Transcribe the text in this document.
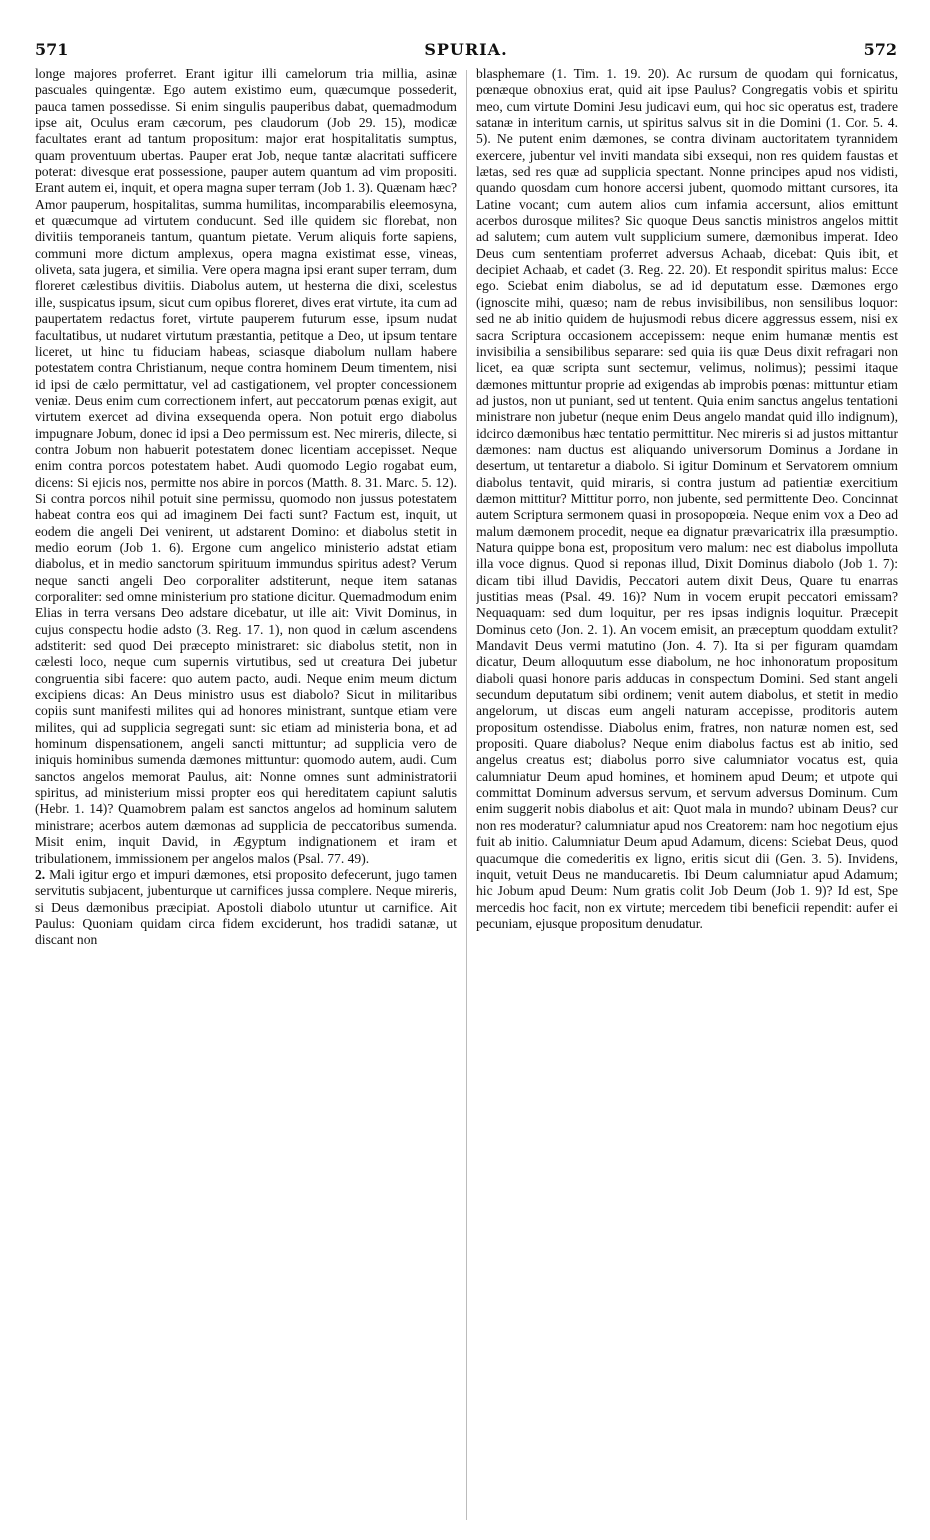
571	SPURIA.	572

longe majores proferret. Erant igitur illi camelorum tria millia, asinæ pascuales quingentæ. Ego autem existimo eum, quæcumque possederit, pauca tamen possedisse. Si enim singulis pauperibus dabat, quemadmodum ipse ait, Oculus eram cæcorum, pes claudorum (Job 29. 15), modicæ facultates erant ad tantum propositum: major erat hospitalitatis sumptus, quam proventuum ubertas. Pauper erat Job, neque tantæ alacritati sufficere poterat: divesque erat possessione, pauper autem quantum ad vim propositi. Erant autem ei, inquit, et opera magna super terram (Job 1. 3). Quænam hæc? Amor pauperum, hospitalitas, summa humilitas, incomparabilis eleemosyna, et quæcumque ad virtutem conducunt. Sed ille quidem sic florebat, non divitiis temporaneis tantum, quantum pietate. Verum aliquis forte sapiens, communi more dictum amplexus, opera magna existimat esse, vineas, oliveta, sata jugera, et similia. Vere opera magna ipsi erant super terram, dum floreret cælestibus divitiis. Diabolus autem, ut hesterna die dixi, scelestus ille, suspicatus ipsum, sicut cum opibus floreret, dives erat virtute, ita cum ad paupertatem redactus foret, virtute pauperem futurum esse, ipsum nudat facultatibus, ut nudaret virtutum præstantia, petitque a Deo, ut ipsum tentare liceret, ut hinc tu fiduciam habeas, sciasque diabolum nullam habere potestatem contra Christianum, neque contra hominem Deum timentem, nisi id ipsi de cælo permittatur, vel ad castigationem, vel propter concessionem veniæ. Deus enim cum correctionem infert, aut peccatorum pœnas exigit, aut virtutem exercet ad divina exsequenda opera. Non potuit ergo diabolus impugnare Jobum, donec id ipsi a Deo permissum est. Nec mireris, dilecte, si contra Jobum non habuerit potestatem donec licentiam accepisset. Neque enim contra porcos potestatem habet. Audi quomodo Legio rogabat eum, dicens: Si ejicis nos, permitte nos abire in porcos (Matth. 8. 31. Marc. 5. 12). Si contra porcos nihil potuit sine permissu, quomodo non jussus potestatem habeat contra eos qui ad imaginem Dei facti sunt? Factum est, inquit, ut eodem die angeli Dei venirent, ut adstarent Domino: et diabolus stetit in medio eorum (Job 1. 6). Ergone cum angelico ministerio adstat etiam diabolus, et in medio sanctorum spirituum immundus spiritus adest? Verum neque sancti angeli Deo corporaliter adstiterunt, neque item satanas corporaliter: sed omne ministerium pro statione dicitur. Quemadmodum enim Elias in terra versans Deo adstare dicebatur, ut ille ait: Vivit Dominus, in cujus conspectu hodie adsto (3. Reg. 17. 1), non quod in cælum ascendens adstiterit: sed quod Dei præcepto ministraret: sic diabolus stetit, non in cælesti loco, neque cum supernis virtutibus, sed ut creatura Dei jubetur congruentia sibi facere: quo autem pacto, audi. Neque enim meum dictum excipiens dicas: An Deus ministro usus est diabolo? Sicut in militaribus copiis sunt manifesti milites qui ad honores ministrant, suntque etiam vere milites, qui ad supplicia segregati sunt: sic etiam ad ministeria bona, et ad hominum dispensationem, angeli sancti mittuntur; ad supplicia vero de iniquis hominibus sumenda dæmones mittuntur: quomodo autem, audi. Cum sanctos angelos memorat Paulus, ait: Nonne omnes sunt administratorii spiritus, ad ministerium missi propter eos qui hereditatem capiunt salutis (Hebr. 1. 14)? Quamobrem palam est sanctos angelos ad hominum salutem ministrare; acerbos autem dæmonas ad supplicia de peccatoribus sumenda. Misit enim, inquit David, in Ægyptum indignationem et iram et tribulationem, immissionem per angelos malos (Psal. 77. 49).

2. Mali igitur ergo et impuri dæmones, etsi proposito defecerunt, jugo tamen servitutis subjacent, jubenturque ut carnifices jussa complere. Neque mireris, si Deus dæmonibus præcipiat. Apostoli diabolo utuntur ut carnifice. Ait Paulus: Quoniam quidam circa fidem exciderunt, hos tradidi satanæ, ut discant non

blasphemare (1. Tim. 1. 19. 20). Ac rursum de quodam qui fornicatus, pœnæque obnoxius erat, quid ait ipse Paulus? Congregatis vobis et spiritu meo, cum virtute Domini Jesu judicavi eum, qui hoc sic operatus est, tradere satanæ in interitum carnis, ut spiritus salvus sit in die Domini (1. Cor. 5. 4. 5). Ne putent enim dæmones, se contra divinam auctoritatem tyrannidem exercere, jubentur vel inviti mandata sibi exsequi, non res quidem faustas et lætas, sed res quæ ad supplicia spectant. Nonne principes apud nos vidisti, quando quosdam cum honore accersi jubent, quomodo mittant cursores, ita Latine vocant; cum autem alios cum infamia accersunt, alios emittunt acerbos durosque milites? Sic quoque Deus sanctis ministros angelos mittit ad salutem; cum autem vult supplicium sumere, dæmonibus imperat. Ideo Deus cum sententiam proferret adversus Achaab, dicebat: Quis ibit, et decipiet Achaab, et cadet (3. Reg. 22. 20). Et respondit spiritus malus: Ecce ego. Sciebat enim diabolus, se ad id deputatum esse. Dæmones ergo (ignoscite mihi, quæso; nam de rebus invisibilibus, non sensilibus loquor: sed ne ab initio quidem de hujusmodi rebus dicere aggressus essem, nisi ex sacra Scriptura occasionem accepissem: neque enim humanæ mentis est invisibilia a sensibilibus separare: sed quia iis quæ Deus dixit refragari non licet, ea quæ scripta sunt sectemur, velimus, nolimus); pessimi itaque dæmones mittuntur proprie ad exigendas ab improbis pœnas: mittuntur etiam ad justos, non ut puniant, sed ut tentent. Quia enim sanctus angelus tentationi ministrare non jubetur (neque enim Deus angelo mandat quid illo indignum), idcirco dæmonibus hæc tentatio permittitur. Nec mireris si ad justos mittantur dæmones: nam ductus est aliquando universorum Dominus a Jordane in desertum, ut tentaretur a diabolo. Si igitur Dominum et Servatorem omnium diabolus tentavit, quid miraris, si contra justum ad patientiæ exercitium dæmon mittitur? Mittitur porro, non jubente, sed permittente Deo. Concinnat autem Scriptura sermonem quasi in prosopopœia. Neque enim vox a Deo ad malum dæmonem procedit, neque ea dignatur prævaricatrix illa præsumptio. Natura quippe bona est, propositum vero malum: nec est diabolus impolluta illa voce dignus. Quod si reponas illud, Dixit Dominus diabolo (Job 1. 7): dicam tibi illud Davidis, Peccatori autem dixit Deus, Quare tu enarras justitias meas (Psal. 49. 16)? Num in vocem erupit peccatori emissam? Nequaquam: sed dum loquitur, per res ipsas indignis loquitur. Præcepit Dominus ceto (Jon. 2. 1). An vocem emisit, an præceptum quoddam extulit? Mandavit Deus vermi matutino (Jon. 4. 7). Ita si per figuram quamdam dicatur, Deum alloquutum esse diabolum, ne hoc inhonoratum propositum diaboli quasi honore paris adducas in conspectum Domini. Sed stant angeli secundum deputatum sibi ordinem; venit autem diabolus, et stetit in medio angelorum, ut discas eum angeli naturam accepisse, proditoris autem propositum ostendisse. Diabolus enim, fratres, non naturæ nomen est, sed propositi. Quare diabolus? Neque enim diabolus factus est ab initio, sed angelus creatus est; diabolus porro sive calumniator vocatus est, quia calumniatur Deum apud homines, et hominem apud Deum; et utpote qui committat Dominum adversus servum, et servum adversus Dominum. Cum enim suggerit nobis diabolus et ait: Quot mala in mundo? ubinam Deus? cur non res moderatur? calumniatur apud nos Creatorem: nam hoc negotium ejus fuit ab initio. Calumniatur Deum apud Adamum, dicens: Sciebat Deus, quod quacumque die comederitis ex ligno, eritis sicut dii (Gen. 3. 5). Invidens, inquit, vetuit Deus ne manducaretis. Ibi Deum calumniatur apud Adamum; hic Jobum apud Deum: Num gratis colit Job Deum (Job 1. 9)? Id est, Spe mercedis hoc facit, non ex virtute; mercedem tibi beneficii rependit: aufer ei pecuniam, ejusque propositum denudatur.
